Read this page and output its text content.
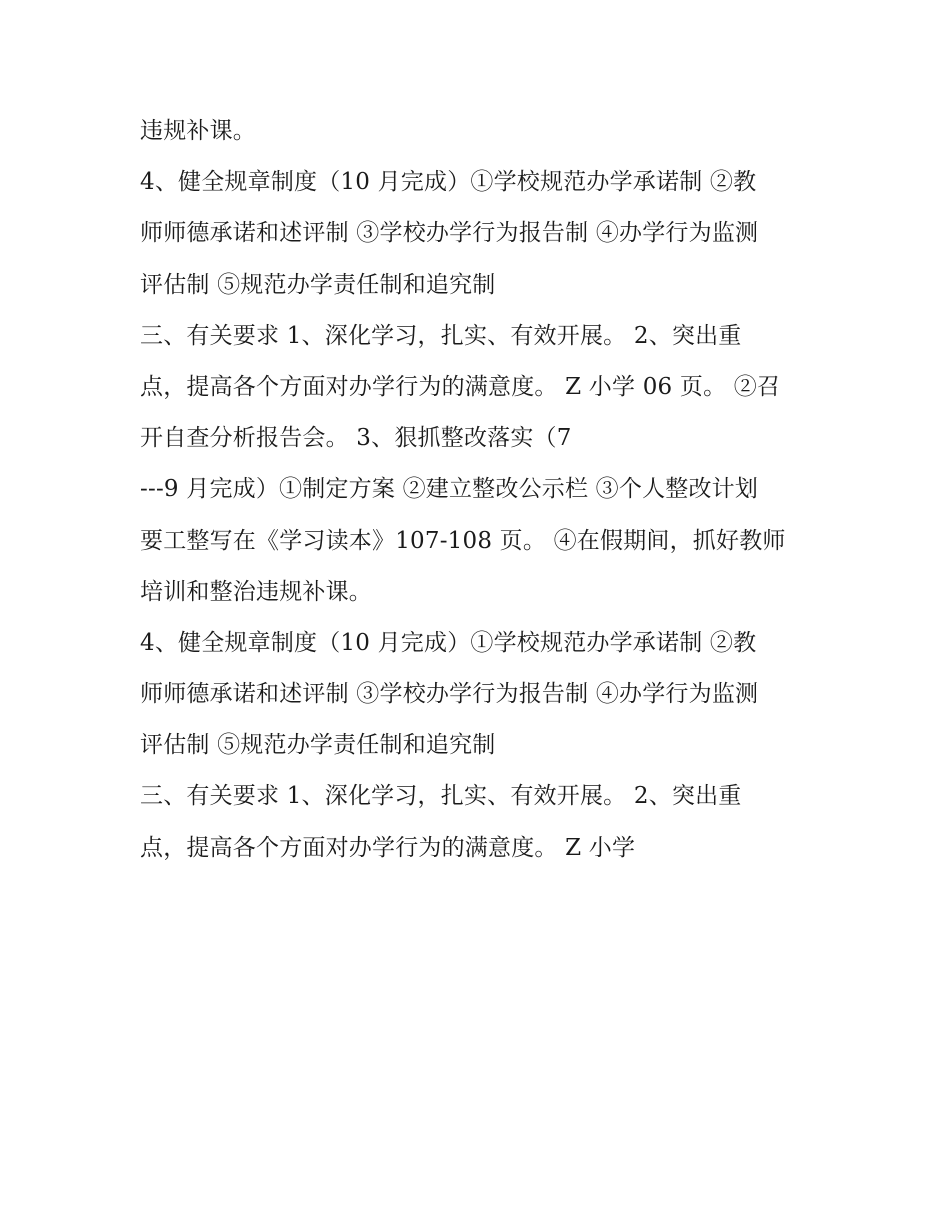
违规补课。
4、健全规章制度（10 月完成）①学校规范办学承诺制 ②教
师师德承诺和述评制 ③学校办学行为报告制 ④办学行为监测
评估制 ⑤规范办学责任制和追究制
三、有关要求 1、深化学习，扎实、有效开展。 2、突出重
点，提高各个方面对办学行为的满意度。 Z 小学 06 页。 ②召
开自查分析报告会。 3、狠抓整改落实（7
---9 月完成）①制定方案 ②建立整改公示栏 ③个人整改计划
要工整写在《学习读本》107-108 页。 ④在假期间，抓好教师
培训和整治违规补课。
4、健全规章制度（10 月完成）①学校规范办学承诺制 ②教
师师德承诺和述评制 ③学校办学行为报告制 ④办学行为监测
评估制 ⑤规范办学责任制和追究制
三、有关要求 1、深化学习，扎实、有效开展。 2、突出重
点，提高各个方面对办学行为的满意度。 Z 小学
